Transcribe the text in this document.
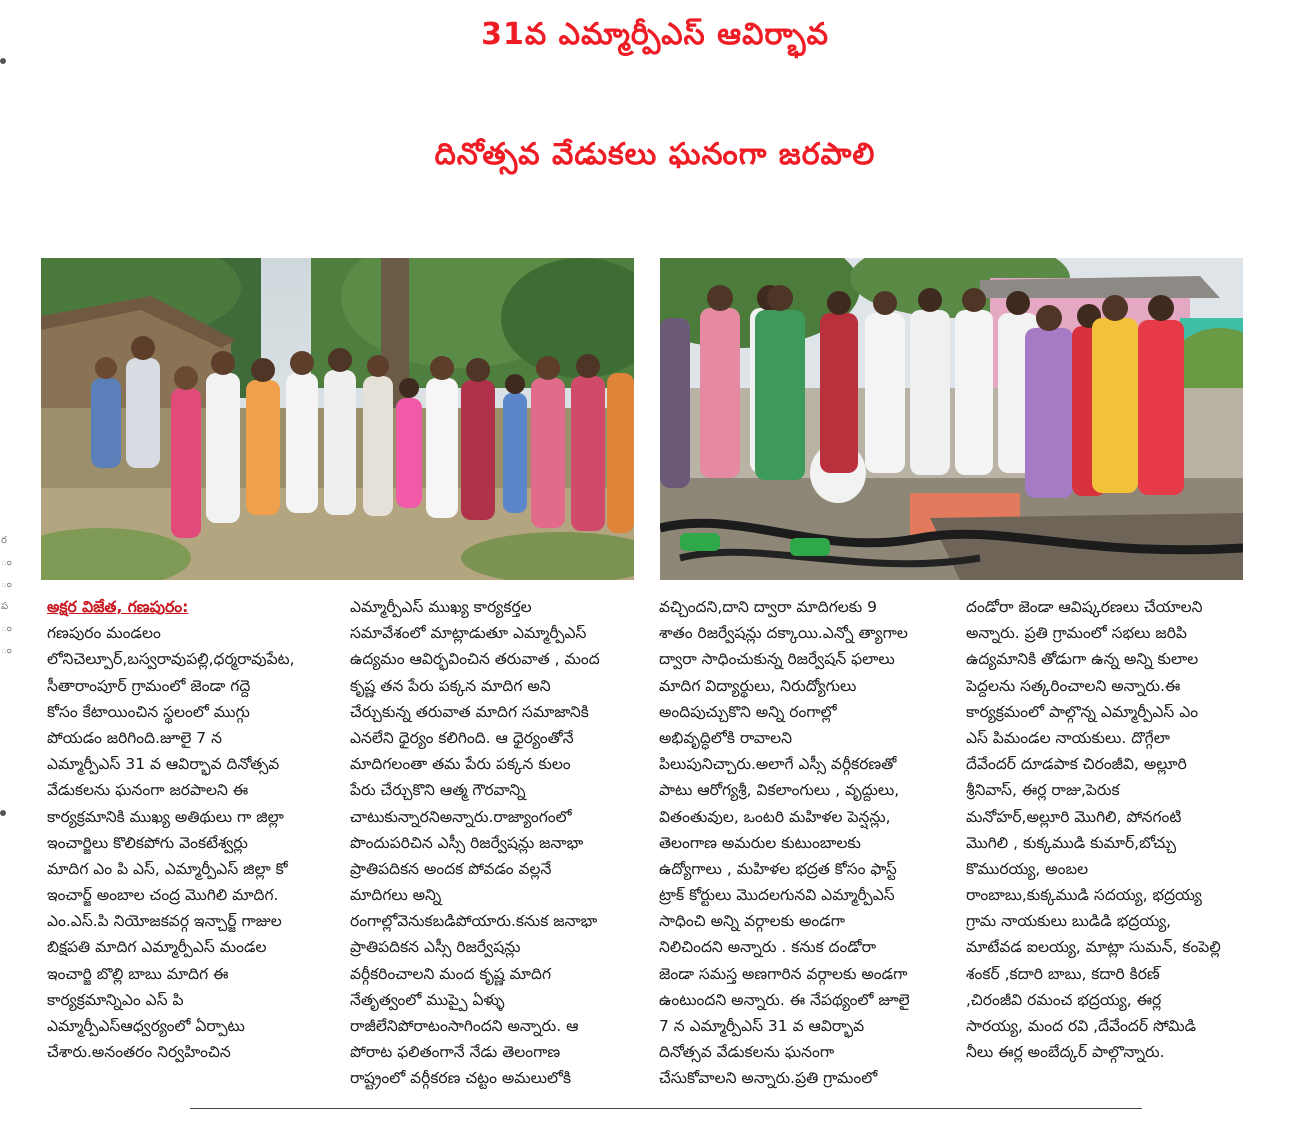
31వ ఎమ్మార్పీఎస్ ఆవిర్భావ
దినోత్సవ వేడుకలు ఘనంగా జరపాలి
ర
ం
ం
ప
ం
ం
అక్షర విజేత, గణపురం:
గణపురం మండలం
లోనిచెల్పూర్,బస్వరావుపల్లి,ధర్మరావుపేట,
సీతారాంపూర్ గ్రామంలో జెండా గద్దె
కోసం కేటాయించిన స్థలంలో ముగ్గు
పోయడం జరిగింది.జూలై 7 న
ఎమ్మార్పీఎస్ 31 వ ఆవిర్భావ దినోత్సవ
వేడుకలను ఘనంగా జరపాలని ఈ
కార్యక్రమానికి ముఖ్య అతిథులు గా జిల్లా
ఇంచార్జిలు కొలికపోగు వెంకటేశ్వర్లు
మాదిగ ఎం పి ఎస్, ఎమ్మార్పీఎస్ జిల్లా కో
ఇంచార్జ్ అంబాల చంద్ర మొగిలి మాదిగ.
ఎం.ఎస్.పి నియోజకవర్గ ఇన్చార్జ్ గాజుల
బిక్షపతి మాదిగ ఎమ్మార్పీఎస్ మండల
ఇంచార్జి బొల్లి బాబు మాదిగ ఈ
కార్యక్రమాన్నిఎం ఎస్ పి
ఎమ్మార్పీఎస్ఆధ్వర్యంలో ఏర్పాటు
చేశారు.అనంతరం నిర్వహించిన
ఎమ్మార్పీఎస్ ముఖ్య కార్యకర్తల
సమావేశంలో మాట్లాడుతూ ఎమ్మార్పీఎస్
ఉద్యమం ఆవిర్భవించిన తరువాత , మంద
కృష్ణ తన పేరు పక్కన మాదిగ అని
చేర్చుకున్న తరువాత మాదిగ సమాజానికి
ఎనలేని ధైర్యం కలిగింది. ఆ ధైర్యంతోనే
మాదిగలంతా తమ పేరు పక్కన కులం
పేరు చేర్చుకొని ఆత్మ గౌరవాన్ని
చాటుకున్నారనిఅన్నారు.రాజ్యాంగంలో
పొందుపరిచిన ఎస్సీ రిజర్వేషన్లు జనాభా
ప్రాతిపదికన అందక పోవడం వల్లనే
మాదిగలు అన్ని
రంగాల్లోవెనుకబడిపోయారు.కనుక జనాభా
ప్రాతిపదికన ఎస్సీ రిజర్వేషన్లు
వర్గీకరించాలని మంద కృష్ణ మాదిగ
నేతృత్వంలో ముప్పై ఏళ్ళు
రాజీలేనిపోరాటంసాగిందని అన్నారు. ఆ
పోరాట ఫలితంగానే నేడు తెలంగాణ
రాష్ట్రంలో వర్గీకరణ చట్టం అమలులోకి
వచ్చిందని,దాని ద్వారా మాదిగలకు 9
శాతం రిజర్వేషన్లు దక్కాయి.ఎన్నో త్యాగాల
ద్వారా సాధించుకున్న రిజర్వేషన్ ఫలాలు
మాదిగ విద్యార్థులు, నిరుద్యోగులు
అందిపుచ్చుకొని అన్ని రంగాల్లో
అభివృద్ధిలోకి రావాలని
పిలుపునిచ్చారు.అలాగే ఎస్సీ వర్గీకరణతో
పాటు ఆరోగ్యశ్రీ, వికలాంగులు , వృద్దులు,
వితంతువుల, ఒంటరి మహిళల పెన్షన్లు,
తెలంగాణ అమరుల కుటుంబాలకు
ఉద్యోగాలు , మహిళల భద్రత కోసం ఫాస్ట్
ట్రాక్ కోర్టులు మొదలగునవి ఎమ్మార్పీఎస్
సాధించి అన్ని వర్గాలకు అండగా
నిలిచిందని అన్నారు . కనుక దండోరా
జెండా సమస్త అణగారిన వర్గాలకు అండగా
ఉంటుందని అన్నారు. ఈ నేపథ్యంలో జూలై
7 న ఎమ్మార్పీఎస్ 31 వ ఆవిర్భావ
దినోత్సవ వేడుకలను ఘనంగా
చేసుకోవాలని అన్నారు.ప్రతి గ్రామంలో
దండోరా జెండా ఆవిష్కరణలు చేయాలని
అన్నారు. ప్రతి గ్రామంలో సభలు జరిపి
ఉద్యమానికి తోడుగా ఉన్న అన్ని కులాల
పెద్దలను సత్కరించాలని అన్నారు.ఈ
కార్యక్రమంలో పాల్గొన్న ఎమ్మార్పీఎస్ ఎం
ఎస్ పిమండల నాయకులు. దొగ్గేలా
దేవేందర్ దూడపాక చిరంజీవి, అల్లూరి
శ్రీనివాస్, ఈర్ల రాజు,పెరుక
మనోహర్,అల్లూరి మొగిలి, పోనగంటి
మొగిలి , కుక్కముడి కుమార్,బోచ్చు
కొమురయ్య, అంబల
రాంబాబు,కుక్కముడి సదయ్య, భద్రయ్య
గ్రామ నాయకులు బుడిడి భద్రయ్య,
మాటేవడ ఐలయ్య, మాట్లా సుమన్, కంపెల్లి
శంకర్ ,కదారి బాబు, కదారి కిరణ్
,చిరంజీవి రమంచ భద్రయ్య, ఈర్ల
సారయ్య, మంద రవి ,దేవేందర్ సోమిడి
నీలు ఈర్ల అంబేద్కర్ పాల్గొన్నారు.
